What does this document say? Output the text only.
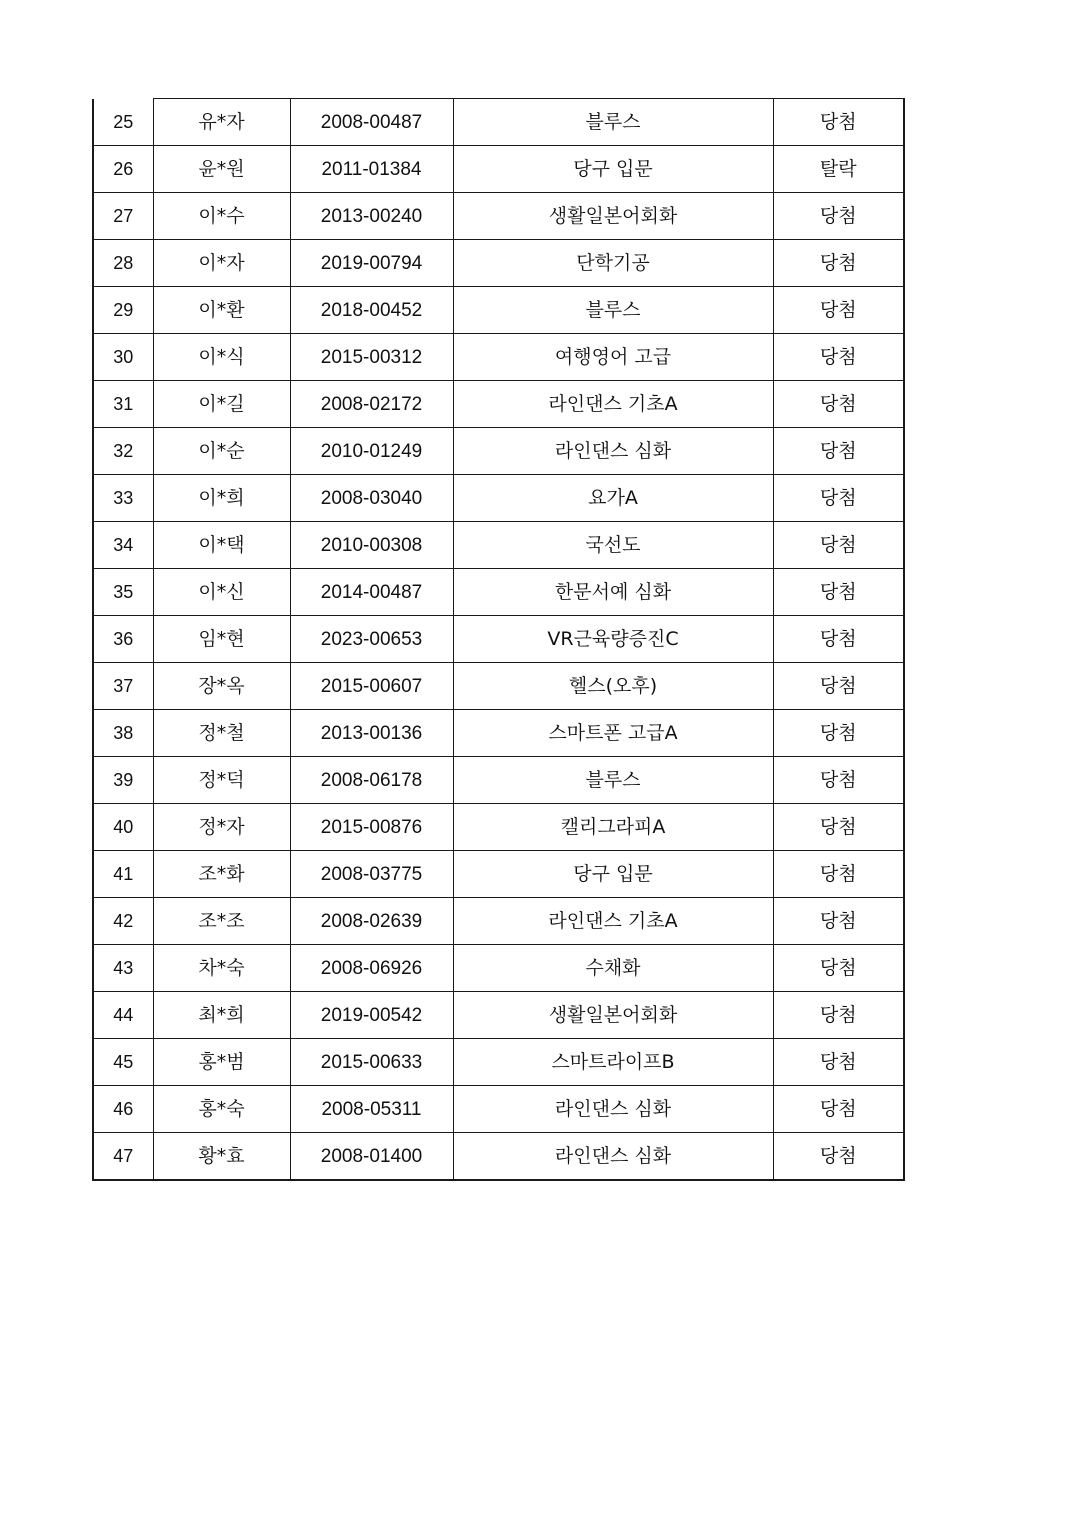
25	유*자	2008-00487	블루스	당첨
26	윤*원	2011-01384	당구 입문	탈락
27	이*수	2013-00240	생활일본어회화	당첨
28	이*자	2019-00794	단학기공	당첨
29	이*환	2018-00452	블루스	당첨
30	이*식	2015-00312	여행영어 고급	당첨
31	이*길	2008-02172	라인댄스 기초A	당첨
32	이*순	2010-01249	라인댄스 심화	당첨
33	이*희	2008-03040	요가A	당첨
34	이*택	2010-00308	국선도	당첨
35	이*신	2014-00487	한문서예 심화	당첨
36	임*현	2023-00653	VR근육량증진C	당첨
37	장*옥	2015-00607	헬스(오후)	당첨
38	정*철	2013-00136	스마트폰 고급A	당첨
39	정*덕	2008-06178	블루스	당첨
40	정*자	2015-00876	캘리그라피A	당첨
41	조*화	2008-03775	당구 입문	당첨
42	조*조	2008-02639	라인댄스 기초A	당첨
43	차*숙	2008-06926	수채화	당첨
44	최*희	2019-00542	생활일본어회화	당첨
45	홍*범	2015-00633	스마트라이프B	당첨
46	홍*숙	2008-05311	라인댄스 심화	당첨
47	황*효	2008-01400	라인댄스 심화	당첨
